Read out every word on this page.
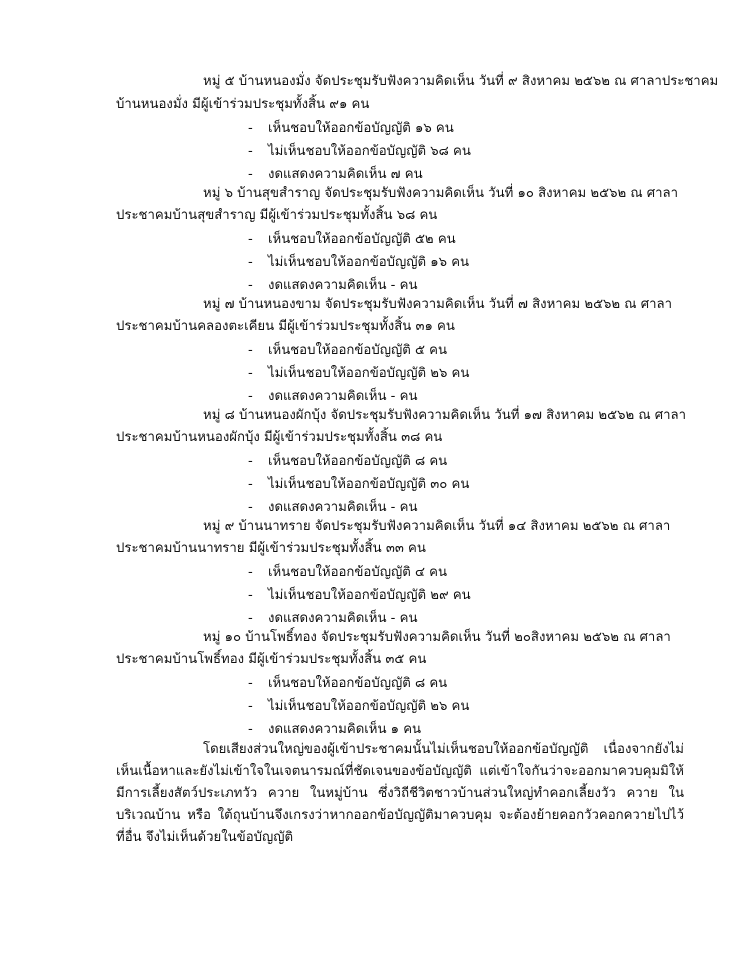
หมู่ ๕ บ้านหนองมั่ง จัดประชุมรับฟังความคิดเห็น วันที่ ๙ สิงหาคม ๒๕๖๒ ณ ศาลาประชาคม
บ้านหนองมั่ง มีผู้เข้าร่วมประชุมทั้งสิ้น ๙๑ คน
- เห็นชอบให้ออกข้อบัญญัติ ๑๖ คน
- ไม่เห็นชอบให้ออกข้อบัญญัติ ๖๘ คน
- งดแสดงความคิดเห็น ๗ คน
หมู่ ๖ บ้านสุขสำราญ จัดประชุมรับฟังความคิดเห็น วันที่ ๑๐ สิงหาคม ๒๕๖๒ ณ ศาลา
ประชาคมบ้านสุขสำราญ มีผู้เข้าร่วมประชุมทั้งสิ้น ๖๘ คน
- เห็นชอบให้ออกข้อบัญญัติ ๕๒ คน
- ไม่เห็นชอบให้ออกข้อบัญญัติ ๑๖ คน
- งดแสดงความคิดเห็น - คน
หมู่ ๗ บ้านหนองขาม จัดประชุมรับฟังความคิดเห็น วันที่ ๗ สิงหาคม ๒๕๖๒ ณ ศาลา
ประชาคมบ้านคลองตะเคียน มีผู้เข้าร่วมประชุมทั้งสิ้น ๓๑ คน
- เห็นชอบให้ออกข้อบัญญัติ ๕ คน
- ไม่เห็นชอบให้ออกข้อบัญญัติ ๒๖ คน
- งดแสดงความคิดเห็น - คน
หมู่ ๘ บ้านหนองผักบุ้ง จัดประชุมรับฟังความคิดเห็น วันที่ ๑๗ สิงหาคม ๒๕๖๒ ณ ศาลา
ประชาคมบ้านหนองผักบุ้ง มีผู้เข้าร่วมประชุมทั้งสิ้น ๓๘ คน
- เห็นชอบให้ออกข้อบัญญัติ ๘ คน
- ไม่เห็นชอบให้ออกข้อบัญญัติ ๓๐ คน
- งดแสดงความคิดเห็น - คน
หมู่ ๙ บ้านนาทราย จัดประชุมรับฟังความคิดเห็น วันที่ ๑๔ สิงหาคม ๒๕๖๒ ณ ศาลา
ประชาคมบ้านนาทราย มีผู้เข้าร่วมประชุมทั้งสิ้น ๓๓ คน
- เห็นชอบให้ออกข้อบัญญัติ ๔ คน
- ไม่เห็นชอบให้ออกข้อบัญญัติ ๒๙ คน
- งดแสดงความคิดเห็น - คน
หมู่ ๑๐ บ้านโพธิ์ทอง จัดประชุมรับฟังความคิดเห็น วันที่ ๒๐สิงหาคม ๒๕๖๒ ณ ศาลา
ประชาคมบ้านโพธิ์ทอง มีผู้เข้าร่วมประชุมทั้งสิ้น ๓๕ คน
- เห็นชอบให้ออกข้อบัญญัติ ๘ คน
- ไม่เห็นชอบให้ออกข้อบัญญัติ ๒๖ คน
- งดแสดงความคิดเห็น ๑ คน
โดยเสียงส่วนใหญ่ของผู้เข้าประชาคมนั้นไม่เห็นชอบให้ออกข้อบัญญัติ เนื่องจากยังไม่เห็นเนื้อหาและยังไม่เข้าใจในเจตนารมณ์ที่ชัดเจนของข้อบัญญัติ แต่เข้าใจกันว่าจะออกมาควบคุมมิให้มีการเลี้ยงสัตว์ประเภทวัว ควาย ในหมู่บ้าน ซึ่งวิถีชีวิตชาวบ้านส่วนใหญ่ทำคอกเลี้ยงวัว ควาย ในบริเวณบ้าน หรือ ใต้ถุนบ้านจึงเกรงว่าหากออกข้อบัญญัติมาควบคุม จะต้องย้ายคอกวัวคอกควายไปไว้ที่อื่น จึงไม่เห็นด้วยในข้อบัญญัติ
